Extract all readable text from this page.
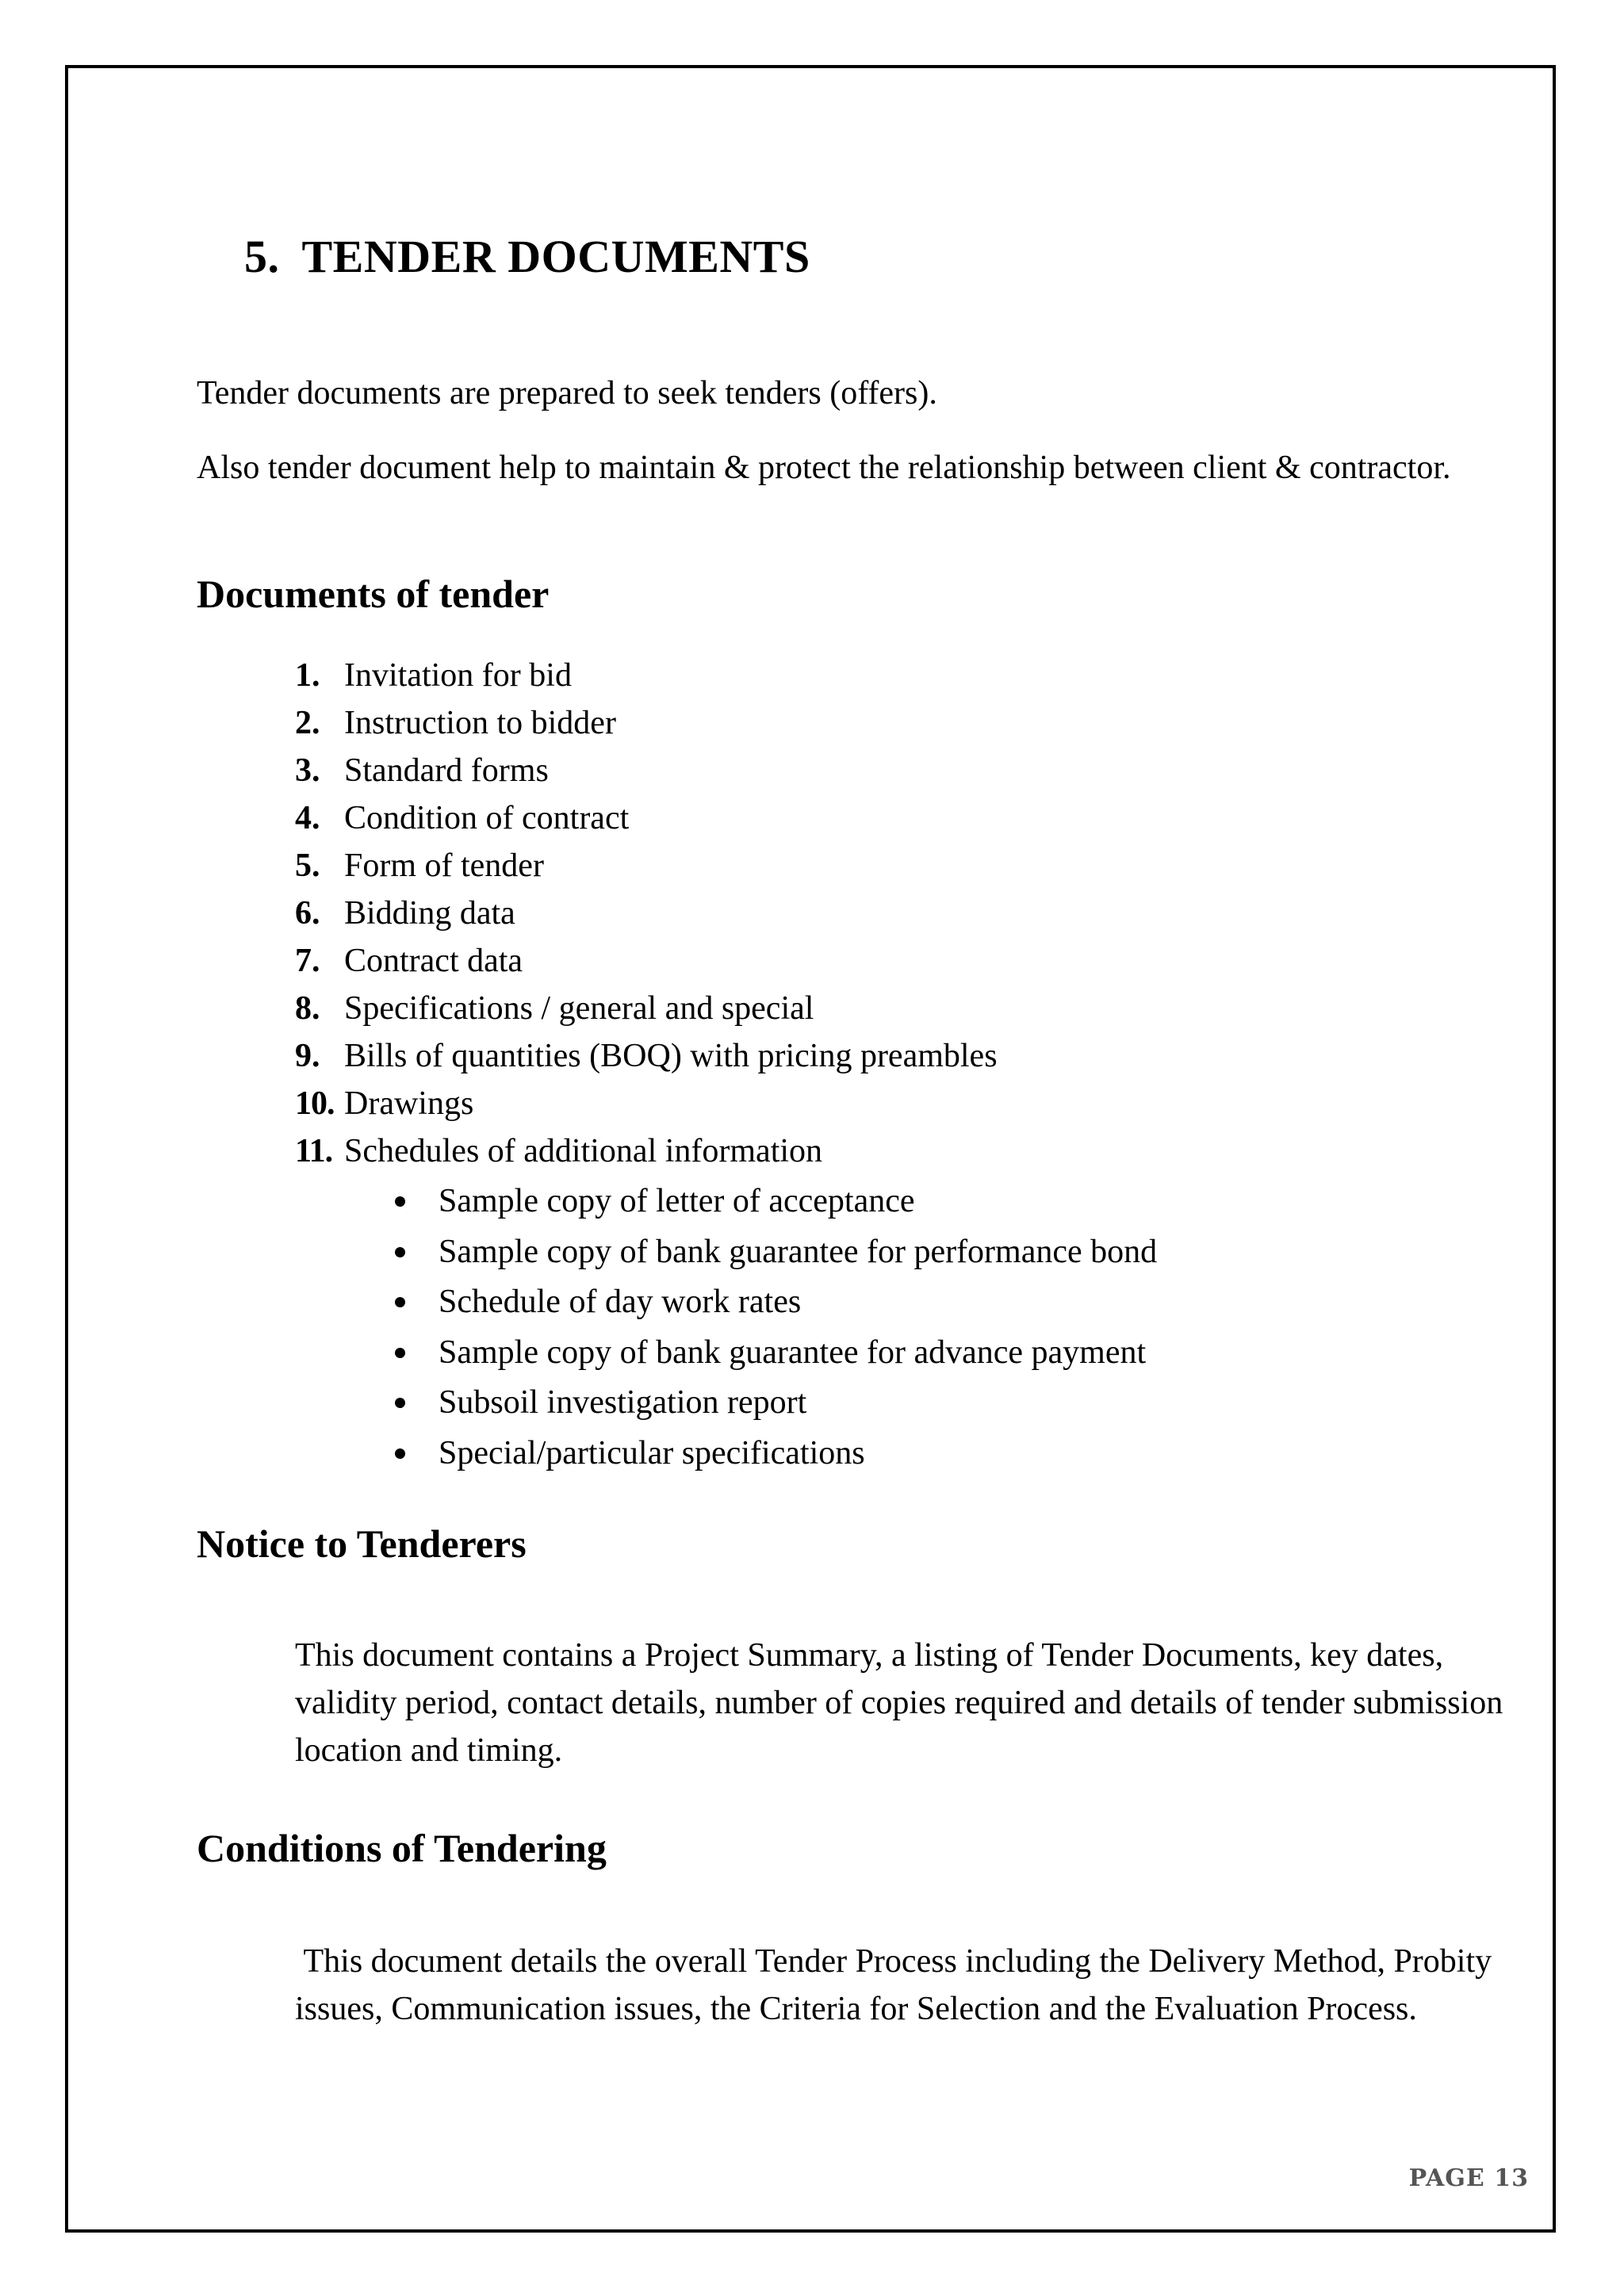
5. TENDER DOCUMENTS

Tender documents are prepared to seek tenders (offers).

Also tender document help to maintain & protect the relationship between client & contractor.

Documents of tender
1. Invitation for bid
2. Instruction to bidder
3. Standard forms
4. Condition of contract
5. Form of tender
6. Bidding data
7. Contract data
8. Specifications / general and special
9. Bills of quantities (BOQ) with pricing preambles
10. Drawings
11. Schedules of additional information
Sample copy of letter of acceptance
Sample copy of bank guarantee for performance bond
Schedule of day work rates
Sample copy of bank guarantee for advance payment
Subsoil investigation report
Special/particular specifications
Notice to Tenderers

This document contains a Project Summary, a listing of Tender Documents, key dates, validity period, contact details, number of copies required and details of tender submission location and timing.

Conditions of Tendering

This document details the overall Tender Process including the Delivery Method, Probity issues, Communication issues, the Criteria for Selection and the Evaluation Process.

PAGE 13
